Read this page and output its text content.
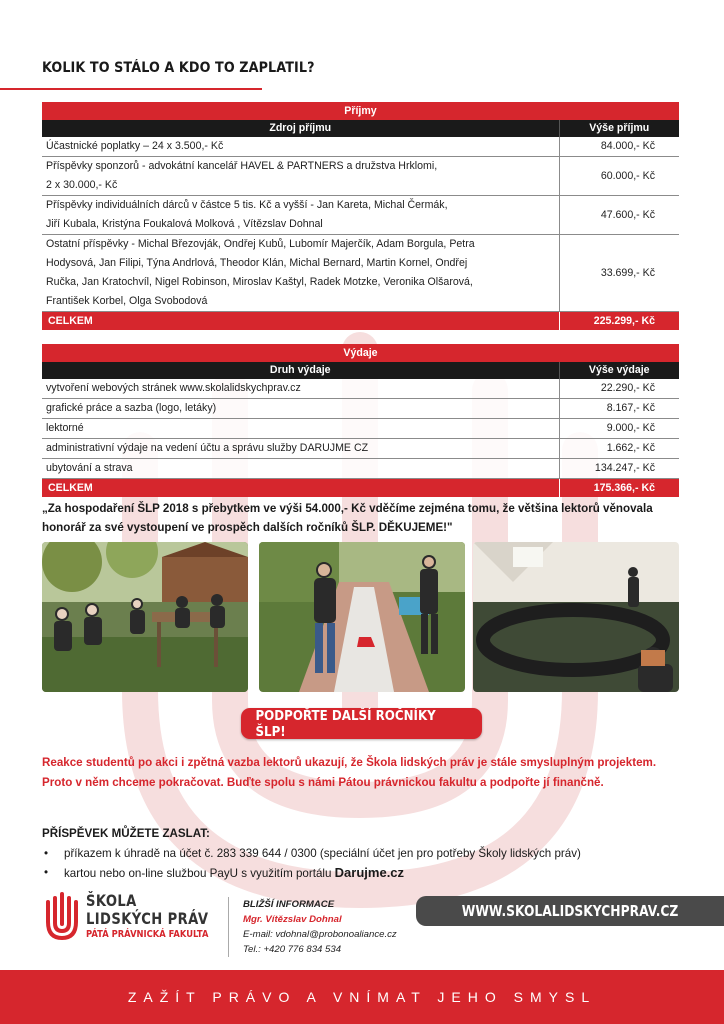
KOLIK TO STÁLO A KDO TO ZAPLATIL?
Příjmy	
Zdroj příjmu	Výše příjmu
Účastnické poplatky – 24 x 3.500,- Kč	84.000,- Kč
Příspěvky sponzorů - advokátní kancelář HAVEL & PARTNERS a družstva Hrklomi,
2 x 30.000,- Kč	60.000,- Kč
Příspěvky individuálních dárců v částce 5 tis. Kč a vyšší - Jan Kareta, Michal Čermák,
Jiří Kubala, Kristýna Foukalová Molková , Vítězslav Dohnal	47.600,- Kč
Ostatní příspěvky - Michal Březovják, Ondřej Kubů, Lubomír Majerčík, Adam Borgula, Petra
Hodysová, Jan Filipi, Týna Andrlová, Theodor Klán, Michal Bernard, Martin Kornel, Ondřej
Ručka, Jan Kratochvíl, Nigel Robinson, Miroslav Kaštyl, Radek Motzke, Veronika Olšarová,
František Korbel, Olga Svobodová	33.699,- Kč
CELKEM	225.299,- Kč
Výdaje	
Druh výdaje	Výše výdaje
vytvoření webových stránek www.skolalidskychprav.cz	22.290,- Kč
grafické práce a sazba (logo, letáky)	8.167,- Kč
lektorné	9.000,- Kč
administrativní výdaje na vedení účtu a správu služby DARUJME CZ	1.662,- Kč
ubytování a strava	134.247,- Kč
CELKEM	175.366,- Kč
„Za hospodaření ŠLP 2018 s přebytkem ve výši 54.000,- Kč vděčíme zejména tomu, že většina lektorů věnovala honorář za své vystoupení ve prospěch dalších ročníků ŠLP. DĚKUJEME!"
PODPOŘTE DALŠÍ ROČNÍKY ŠLP!
Reakce studentů po akci i zpětná vazba lektorů ukazují, že Škola lidských práv je stále smysluplným projektem. Proto v něm chceme pokračovat. Buďte spolu s námi Pátou právnickou fakultu a podpořte jí finančně.
PŘÍSPĚVEK MŮŽETE ZASLAT:
• příkazem k úhradě na účet č. 283 339 644 / 0300 (speciální účet jen pro potřeby Školy lidských práv)
• kartou nebo on-line službou PayU s využitím portálu Darujme.cz
ŠKOLA
LIDSKÝCH PRÁV
PÁTÁ PRÁVNICKÁ FAKULTA
BLIŽŠÍ INFORMACE
Mgr. Vítězslav Dohnal
E-mail: vdohnal@probonoaliance.cz
Tel.: +420 776 834 534
WWW.SKOLALIDSKYCHPRAV.CZ
ZAŽÍT PRÁVO A VNÍMAT JEHO SMYSL
